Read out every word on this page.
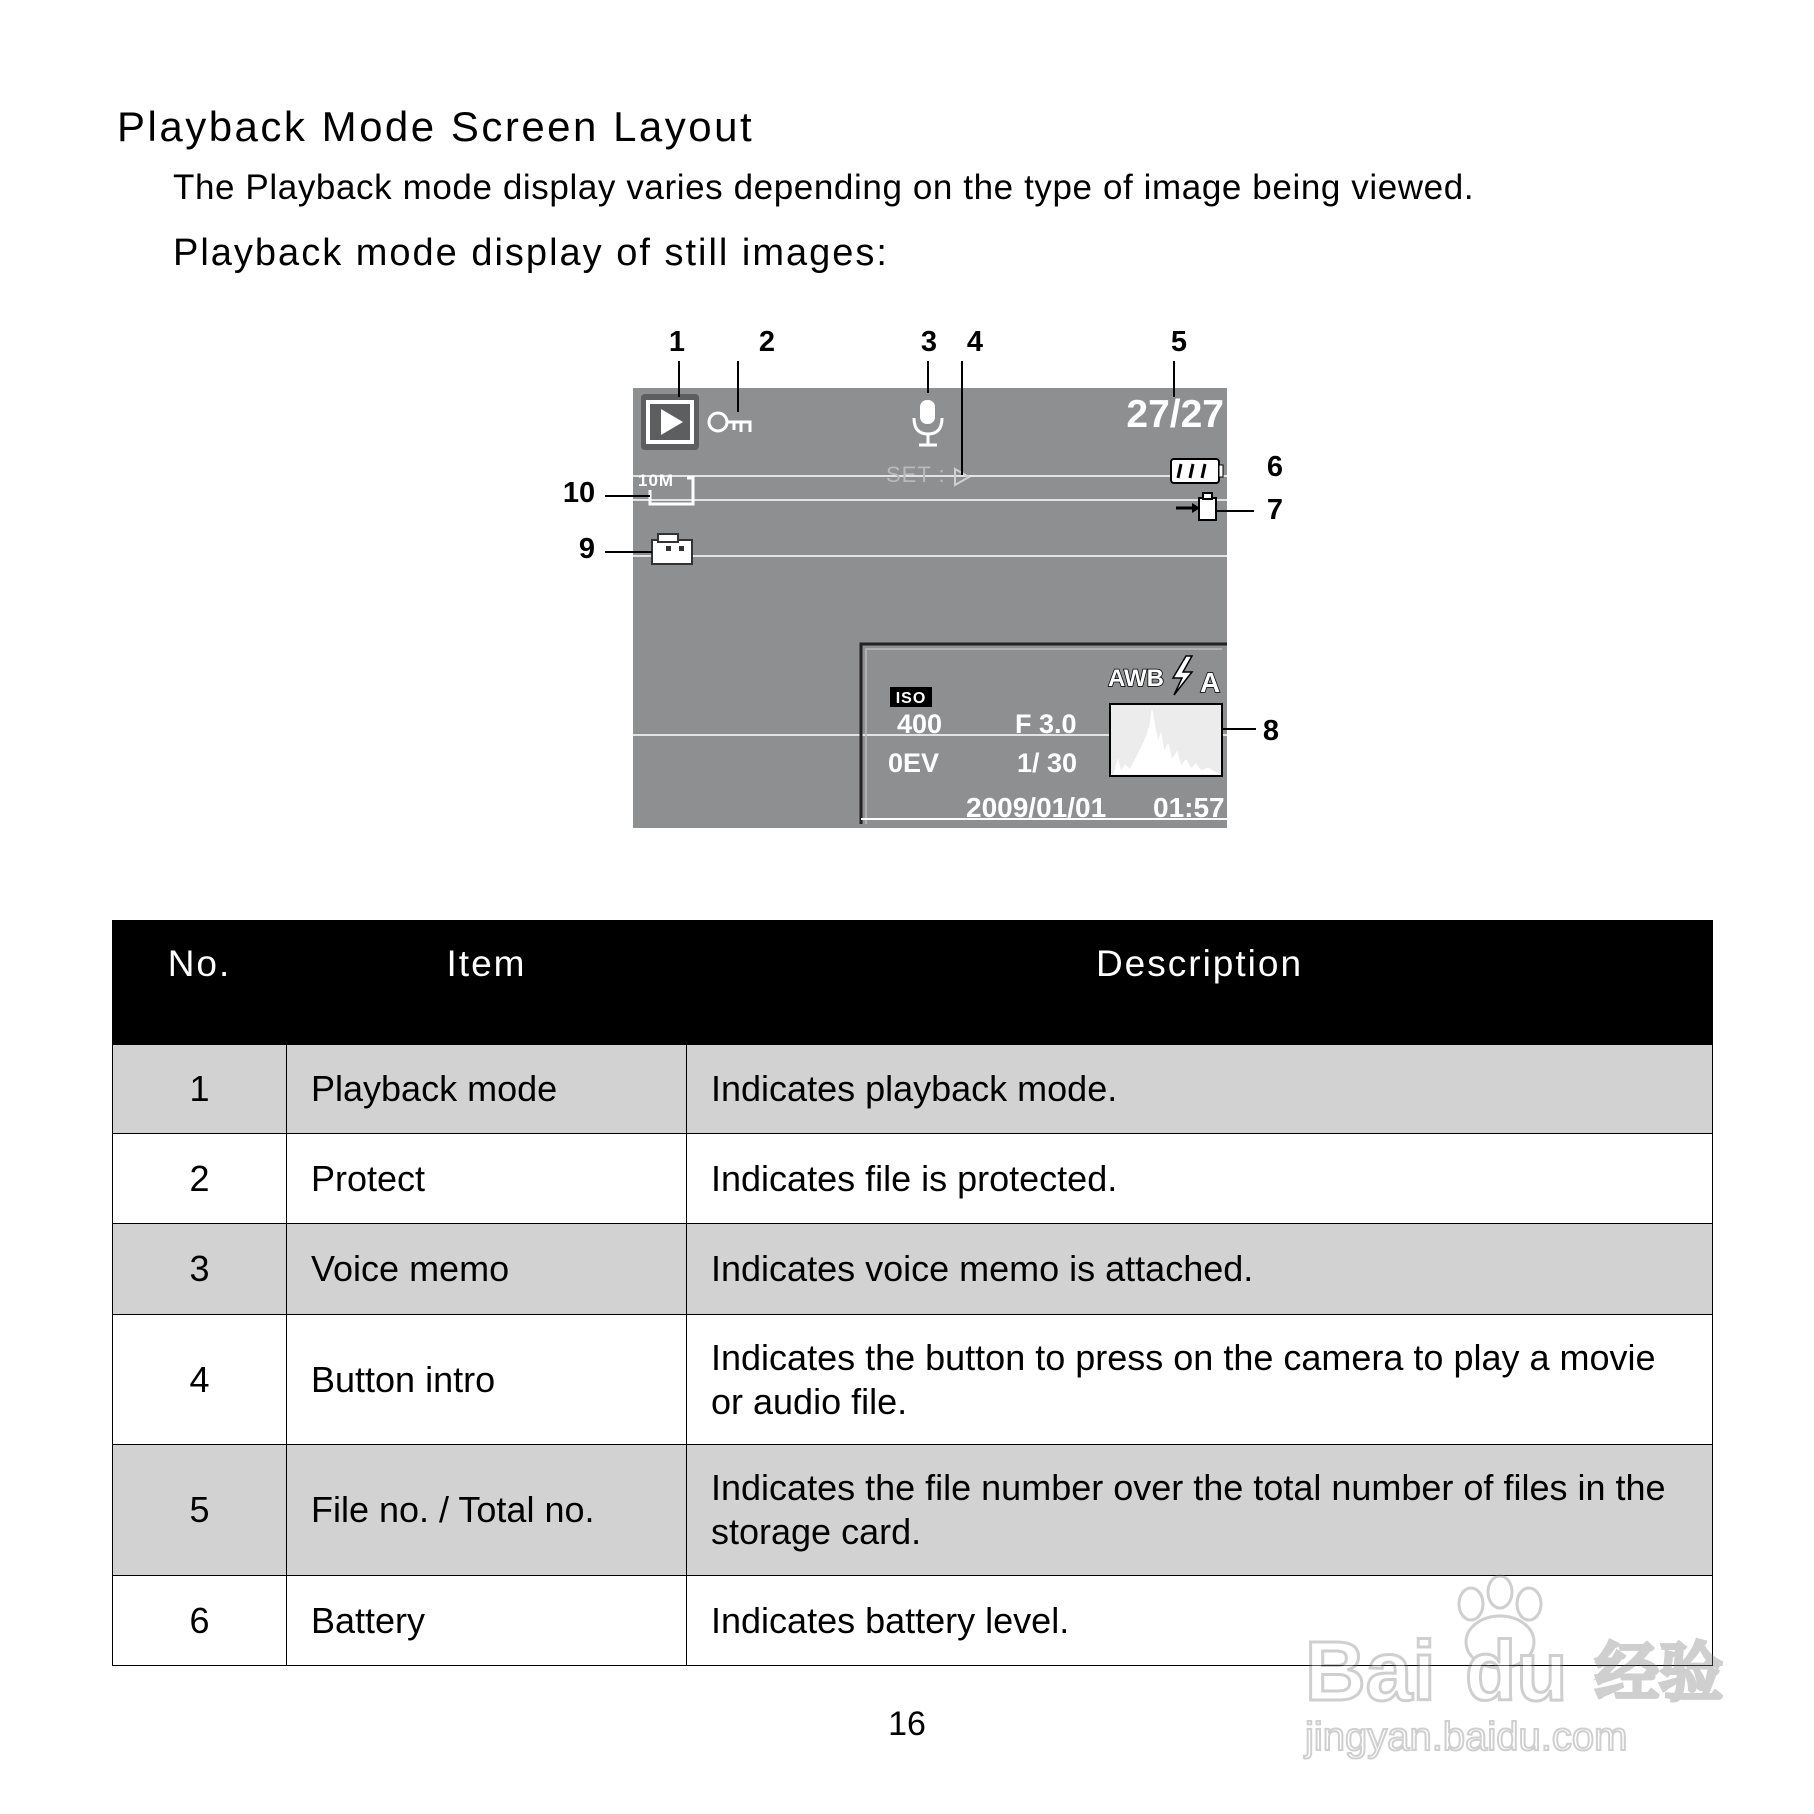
Playback Mode Screen Layout
The Playback mode display varies depending on the type of image being viewed.
Playback mode display of still images:
SET :
27/27
10M
AWB A
ISO
400	F 3.0
0EV	1/ 30
2009/01/01 01:57
1	2	3 4	5
6
7
8
9
10
No.	Item	Description
1	Playback mode	Indicates playback mode.
2	Protect	Indicates file is protected.
3	Voice memo	Indicates voice memo is attached.
4	Button intro	Indicates the button to press on the camera to play a movie or audio file.
5	File no. / Total no.	Indicates the file number over the total number of files in the storage card.
6	Battery	Indicates battery level.
16
Bai du 经验
jingyan.baidu.com
